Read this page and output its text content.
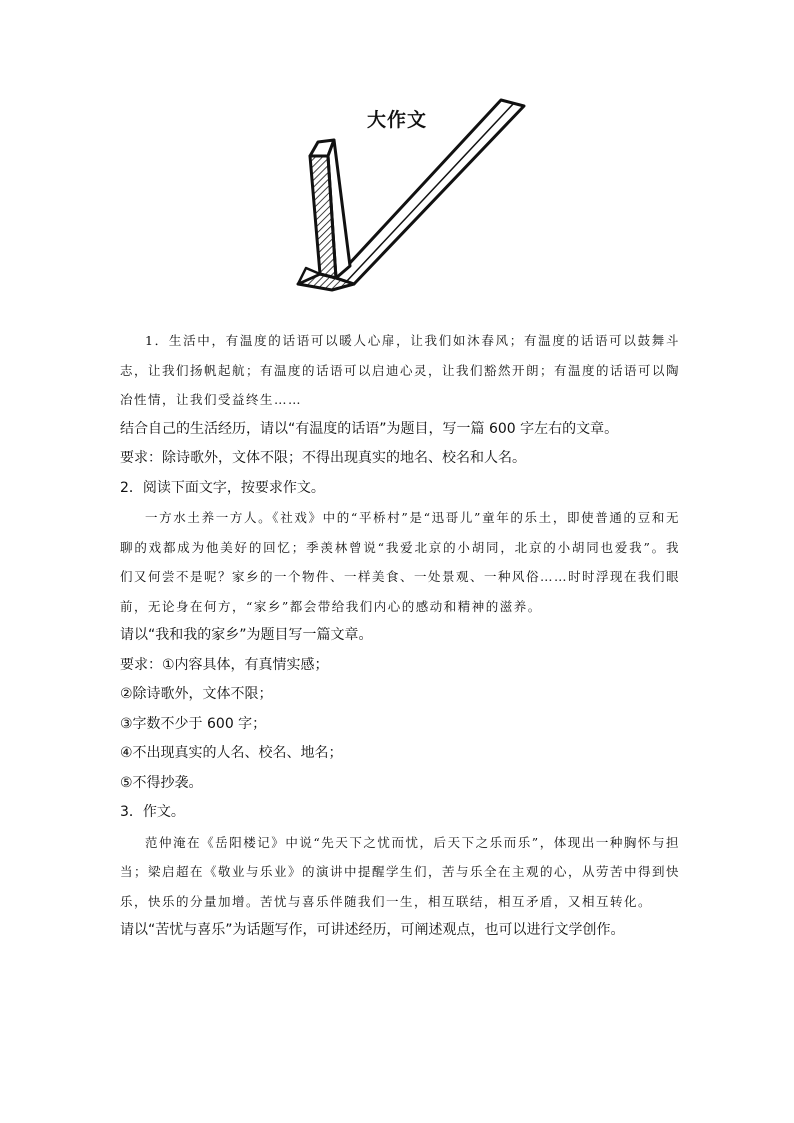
大作文

1．生活中，有温度的话语可以暖人心扉，让我们如沐春风；有温度的话语可以鼓舞斗志，让我们扬帆起航；有温度的话语可以启迪心灵，让我们豁然开朗；有温度的话语可以陶冶性情，让我们受益终生……

结合自己的生活经历，请以“有温度的话语”为题目，写一篇 600 字左右的文章。

要求：除诗歌外，文体不限；不得出现真实的地名、校名和人名。

2．阅读下面文字，按要求作文。

一方水土养一方人。《社戏》中的“平桥村”是“迅哥儿”童年的乐土，即使普通的豆和无聊的戏都成为他美好的回忆；季羡林曾说“我爱北京的小胡同，北京的小胡同也爱我”。我们又何尝不是呢？家乡的一个物件、一样美食、一处景观、一种风俗……时时浮现在我们眼前，无论身在何方，“家乡”都会带给我们内心的感动和精神的滋养。

请以“我和我的家乡”为题目写一篇文章。

要求：①内容具体，有真情实感；

②除诗歌外，文体不限；

③字数不少于 600 字；

④不出现真实的人名、校名、地名；

⑤不得抄袭。

3．作文。

范仲淹在《岳阳楼记》中说“先天下之忧而忧，后天下之乐而乐”，体现出一种胸怀与担当；梁启超在《敬业与乐业》的演讲中提醒学生们，苦与乐全在主观的心，从劳苦中得到快乐，快乐的分量加增。苦忧与喜乐伴随我们一生，相互联结，相互矛盾，又相互转化。

请以“苦忧与喜乐”为话题写作，可讲述经历，可阐述观点，也可以进行文学创作。
